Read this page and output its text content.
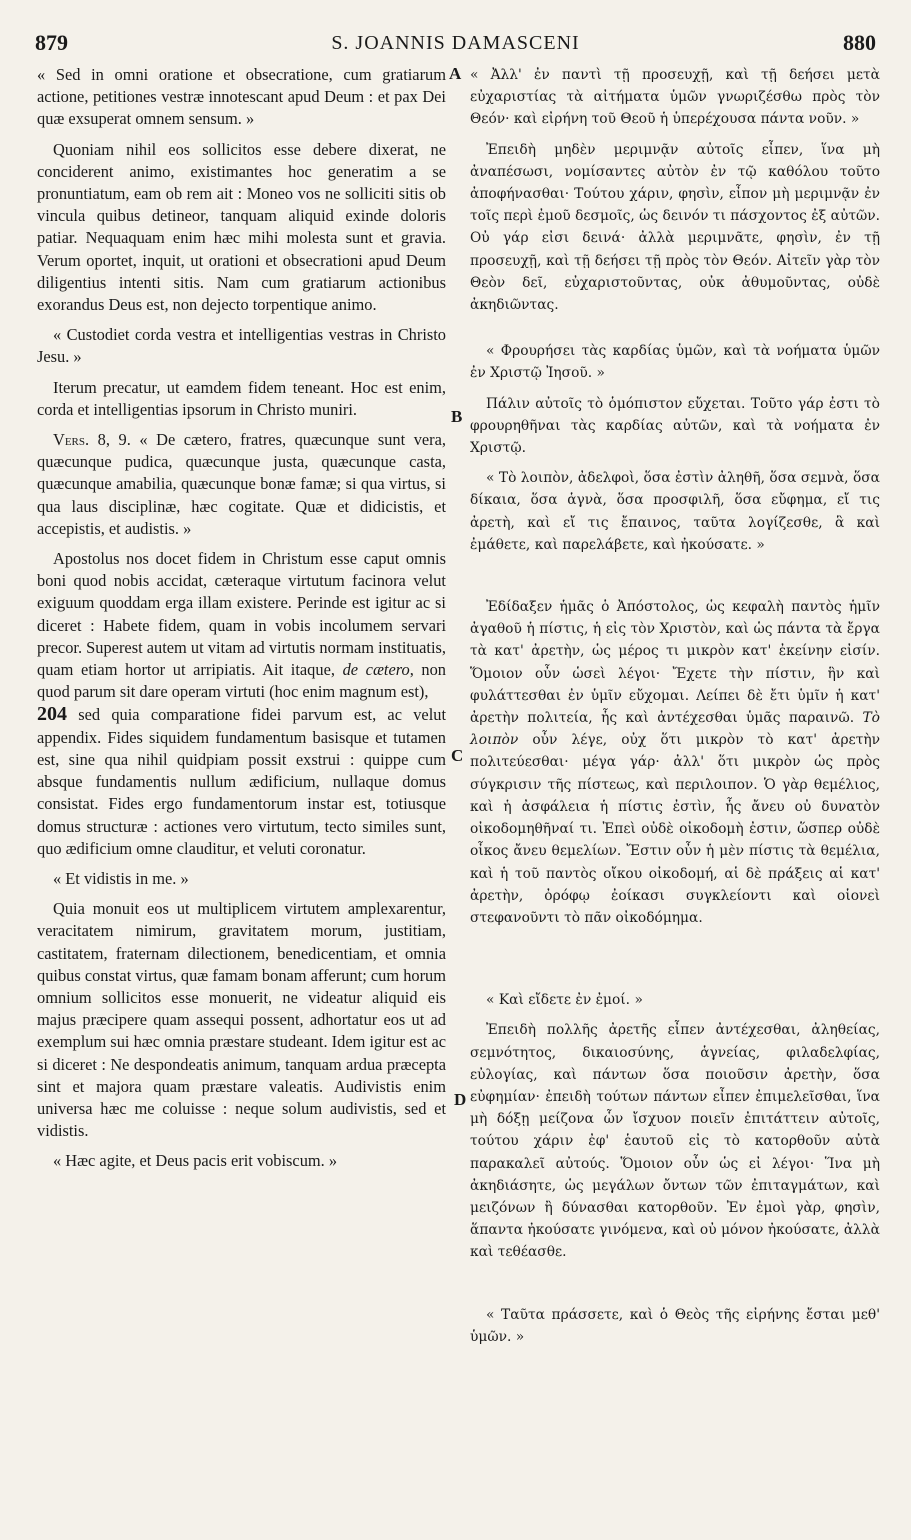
879	S. JOANNIS DAMASCENI	880
A
B
C
D

« Sed in omni oratione et obsecratione, cum gratiarum actione, petitiones vestræ innotescant apud Deum : et pax Dei quæ exsuperat omnem sensum. »

Quoniam nihil eos sollicitos esse debere dixerat, ne conciderent animo, existimantes hoc generatim a se pronuntiatum, eam ob rem ait : Moneo vos ne solliciti sitis ob vincula quibus detineor, tanquam aliquid exinde doloris patiar. Nequaquam enim hæc mihi molesta sunt et gravia. Verum oportet, inquit, ut orationi et obsecrationi apud Deum diligentius intenti sitis. Nam cum gratiarum actionibus exorandus Deus est, non dejecto torpentique animo.

« Custodiet corda vestra et intelligentias vestras in Christo Jesu. »

Iterum precatur, ut eamdem fidem teneant. Hoc est enim, corda et intelligentias ipsorum in Christo muniri.

Vers. 8, 9. « De cætero, fratres, quæcunque sunt vera, quæcunque pudica, quæcunque justa, quæcunque casta, quæcunque amabilia, quæcunque bonæ famæ; si qua virtus, si qua laus disciplinæ, hæc cogitate. Quæ et didicistis, et accepistis, et audistis. »

Apostolus nos docet fidem in Christum esse caput omnis boni quod nobis accidat, cæteraque virtutum facinora velut exiguum quoddam erga illam existere. Perinde est igitur ac si diceret : Habete fidem, quam in vobis incolumem servari precor. Superest autem ut vitam ad virtutis normam instituatis, quam etiam hortor ut arripiatis. Ait itaque, de cætero, non quod parum sit dare operam virtuti (hoc enim magnum est),
204 sed quia comparatione fidei parvum est, ac velut appendix. Fides siquidem fundamentum basisque et tutamen est, sine qua nihil quidpiam possit exstrui : quippe cum absque fundamentis nullum ædificium, nullaque domus consistat. Fides ergo fundamentorum instar est, totiusque domus structuræ : actiones vero virtutum, tecto similes sunt, quo ædificium omne clauditur, et veluti coronatur.

« Et vidistis in me. »

Quia monuit eos ut multiplicem virtutem amplexarentur, veracitatem nimirum, gravitatem morum, justitiam, castitatem, fraternam dilectionem, benedicentiam, et omnia quibus constat virtus, quæ famam bonam afferunt; cum horum omnium sollicitos esse monuerit, ne videatur aliquid eis majus præcipere quam assequi possent, adhortatur eos ut ad exemplum sui hæc omnia præstare studeant. Idem igitur est ac si diceret : Ne despondeatis animum, tanquam ardua præcepta sint et majora quam præstare valeatis. Audivistis enim universa hæc me coluisse : neque solum audivistis, sed et vidistis.

« Hæc agite, et Deus pacis erit vobiscum. »

« Ἀλλ' ἐν παντὶ τῇ προσευχῇ, καὶ τῇ δεήσει μετὰ εὐχαριστίας τὰ αἰτήματα ὑμῶν γνωριζέσθω πρὸς τὸν Θεόν· καὶ εἰρήνη τοῦ Θεοῦ ἡ ὑπερέχουσα πάντα νοῦν. »

Ἐπειδὴ μηδὲν μεριμνᾷν αὐτοῖς εἶπεν, ἵνα μὴ ἀναπέσωσι, νομίσαντες αὐτὸν ἐν τῷ καθόλου τοῦτο ἀποφήνασθαι· Τούτου χάριν, φησὶν, εἶπον μὴ μεριμνᾷν ἐν τοῖς περὶ ἐμοῦ δεσμοῖς, ὡς δεινόν τι πάσχοντος ἐξ αὐτῶν. Οὐ γάρ εἰσι δεινά· ἀλλὰ μεριμνᾶτε, φησὶν, ἐν τῇ προσευχῇ, καὶ τῇ δεήσει τῇ πρὸς τὸν Θεόν. Αἰτεῖν γὰρ τὸν Θεὸν δεῖ, εὐχαριστοῦντας, οὐκ ἀθυμοῦντας, οὐδὲ ἀκηδιῶντας.

« Φρουρήσει τὰς καρδίας ὑμῶν, καὶ τὰ νοήματα ὑμῶν ἐν Χριστῷ Ἰησοῦ. »

Πάλιν αὐτοῖς τὸ ὁμόπιστον εὔχεται. Τοῦτο γάρ ἐστι τὸ φρουρηθῆναι τὰς καρδίας αὐτῶν, καὶ τὰ νοήματα ἐν Χριστῷ.

« Τὸ λοιπὸν, ἀδελφοὶ, ὅσα ἐστὶν ἀληθῆ, ὅσα σεμνὰ, ὅσα δίκαια, ὅσα ἁγνὰ, ὅσα προσφιλῆ, ὅσα εὔφημα, εἴ τις ἀρετὴ, καὶ εἴ τις ἔπαινος, ταῦτα λογίζεσθε, ἃ καὶ ἐμάθετε, καὶ παρελάβετε, καὶ ἠκούσατε. »

Ἐδίδαξεν ἡμᾶς ὁ Ἀπόστολος, ὡς κεφαλὴ παντὸς ἡμῖν ἀγαθοῦ ἡ πίστις, ἡ εἰς τὸν Χριστὸν, καὶ ὡς πάντα τὰ ἔργα τὰ κατ' ἀρετὴν, ὡς μέρος τι μικρὸν κατ' ἐκείνην εἰσίν. Ὅμοιον οὖν ὡσεὶ λέγοι· Ἔχετε τὴν πίστιν, ἣν καὶ φυλάττεσθαι ἐν ὑμῖν εὔχομαι. Λείπει δὲ ἔτι ὑμῖν ἡ κατ' ἀρετὴν πολιτεία, ἧς καὶ ἀντέχεσθαι ὑμᾶς παραινῶ. Τὸ λοιπὸν οὖν λέγε, οὐχ ὅτι μικρὸν τὸ κατ' ἀρετὴν πολιτεύεσθαι· μέγα γάρ· ἀλλ' ὅτι μικρὸν ὡς πρὸς σύγκρισιν τῆς πίστεως, καὶ περιλοιπον. Ὁ γὰρ θεμέλιος, καὶ ἡ ἀσφάλεια ἡ πίστις ἐστὶν, ἧς ἄνευ οὐ δυνατὸν οἰκοδομηθῆναί τι. Ἐπεὶ οὐδὲ οἰκοδομὴ ἐστιν, ὥσπερ οὐδὲ οἶκος ἄνευ θεμελίων. Ἔστιν οὖν ἡ μὲν πίστις τὰ θεμέλια, καὶ ἡ τοῦ παντὸς οἴκου οἰκοδομή, αἱ δὲ πράξεις αἱ κατ' ἀρετὴν, ὀρόφῳ ἐοίκασι συγκλείοντι καὶ οἱονεὶ στεφανοῦντι τὸ πᾶν οἰκοδόμημα.

« Καὶ εἴδετε ἐν ἐμοί. »

Ἐπειδὴ πολλῆς ἀρετῆς εἶπεν ἀντέχεσθαι, ἀληθείας, σεμνότητος, δικαιοσύνης, ἁγνείας, φιλαδελφίας, εὐλογίας, καὶ πάντων ὅσα ποιοῦσιν ἀρετὴν, ὅσα εὐφημίαν· ἐπειδὴ τούτων πάντων εἶπεν ἐπιμελεῖσθαι, ἵνα μὴ δόξῃ μείζονα ὧν ἴσχυον ποιεῖν ἐπιτάττειν αὐτοῖς, τούτου χάριν ἐφ' ἑαυτοῦ εἰς τὸ κατορθοῦν αὐτὰ παρακαλεῖ αὐτούς. Ὅμοιον οὖν ὡς εἰ λέγοι· Ἵνα μὴ ἀκηδιάσητε, ὡς μεγάλων ὄντων τῶν ἐπιταγμάτων, καὶ μειζόνων ἢ δύνασθαι κατορθοῦν. Ἐν ἐμοὶ γὰρ, φησὶν, ἅπαντα ἠκούσατε γινόμενα, καὶ οὐ μόνον ἠκούσατε, ἀλλὰ καὶ τεθέασθε.

« Ταῦτα πράσσετε, καὶ ὁ Θεὸς τῆς εἰρήνης ἔσται μεθ' ὑμῶν. »
